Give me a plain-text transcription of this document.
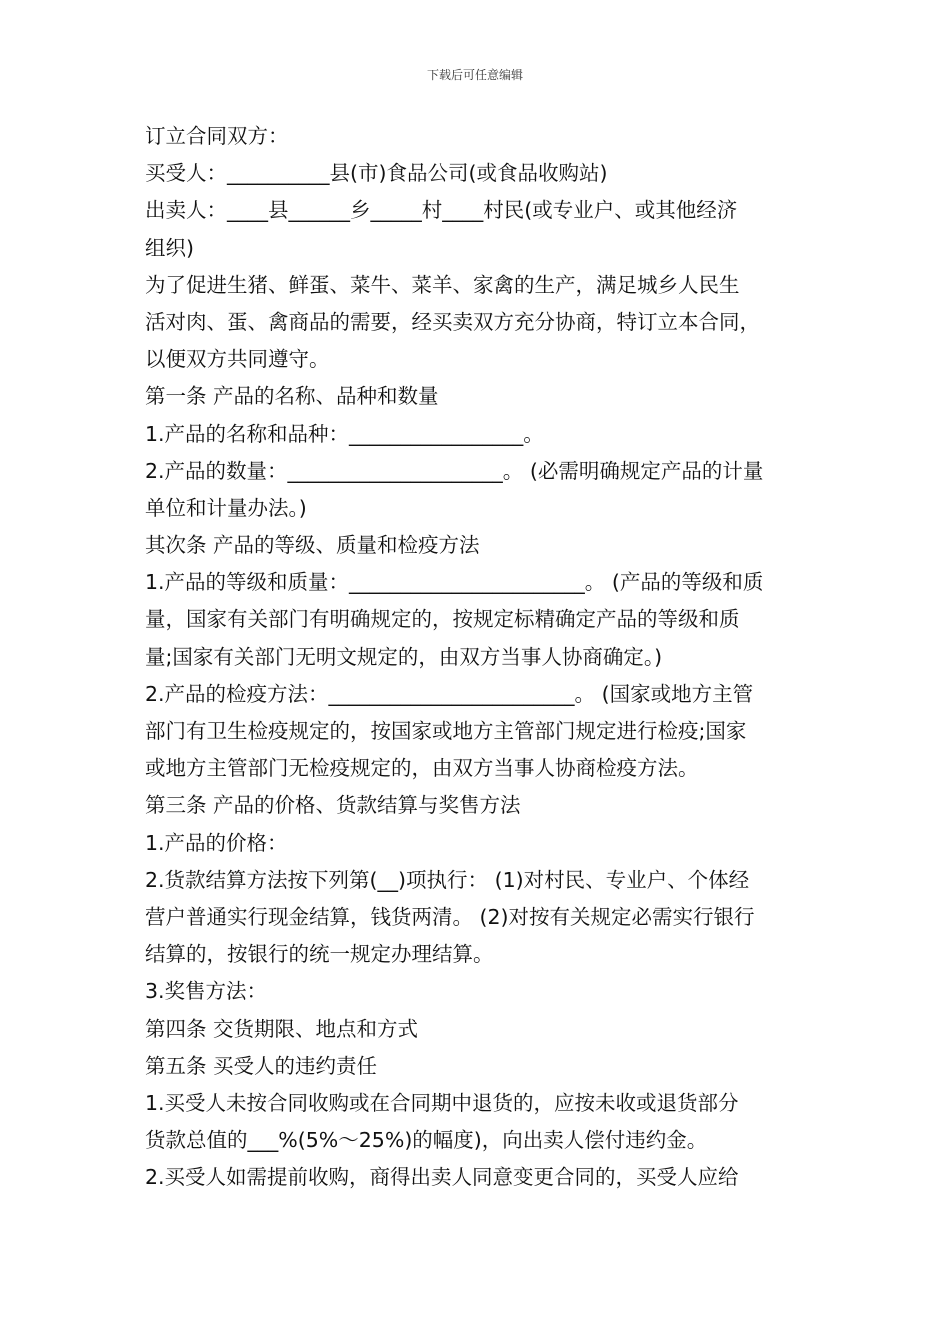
下载后可任意编辑
订立合同双方：
买受人：__________县(市)食品公司(或食品收购站)
出卖人：____县______乡_____村____村民(或专业户、或其他经济
组织)
为了促进生猪、鲜蛋、菜牛、菜羊、家禽的生产，满足城乡人民生
活对肉、蛋、禽商品的需要，经买卖双方充分协商，特订立本合同，
以便双方共同遵守。
第一条 产品的名称、品种和数量
1.产品的名称和品种：_________________。
2.产品的数量：_____________________。 (必需明确规定产品的计量
单位和计量办法。)
其次条 产品的等级、质量和检疫方法
1.产品的等级和质量：_______________________。 (产品的等级和质
量，国家有关部门有明确规定的，按规定标精确定产品的等级和质
量;国家有关部门无明文规定的，由双方当事人协商确定。)
2.产品的检疫方法：________________________。 (国家或地方主管
部门有卫生检疫规定的，按国家或地方主管部门规定进行检疫;国家
或地方主管部门无检疫规定的，由双方当事人协商检疫方法。
第三条 产品的价格、货款结算与奖售方法
1.产品的价格：
2.货款结算方法按下列第(__)项执行： (1)对村民、专业户、个体经
营户普通实行现金结算，钱货两清。 (2)对按有关规定必需实行银行
结算的，按银行的统一规定办理结算。
3.奖售方法：
第四条 交货期限、地点和方式
第五条 买受人的违约责任
1.买受人未按合同收购或在合同期中退货的，应按未收或退货部分
货款总值的___%(5%～25%)的幅度)，向出卖人偿付违约金。
2.买受人如需提前收购，商得出卖人同意变更合同的，买受人应给
